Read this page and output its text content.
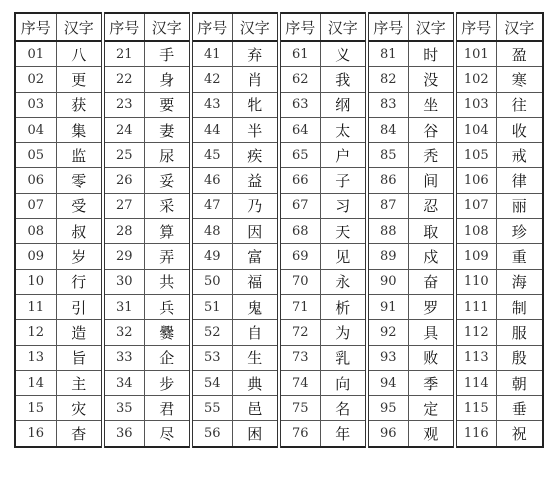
序号	汉字	序号	汉字	序号	汉字	序号	汉字	序号	汉字	序号	汉字
01	八	21	手	41	弃	61	义	81	时	101	盈
02	更	22	身	42	肖	62	我	82	没	102	寒
03	获	23	要	43	牝	63	纲	83	坐	103	往
04	集	24	妻	44	半	64	太	84	谷	104	收
05	监	25	尿	45	疾	65	户	85	秃	105	戒
06	零	26	妥	46	益	66	子	86	间	106	律
07	受	27	采	47	乃	67	习	87	忍	107	丽
08	叔	28	算	48	因	68	天	88	取	108	珍
09	岁	29	弄	49	富	69	见	89	戍	109	重
10	行	30	共	50	福	70	永	90	奋	110	海
11	引	31	兵	51	鬼	71	析	91	罗	111	制
12	造	32	爨	52	自	72	为	92	具	112	服
13	旨	33	企	53	生	73	乳	93	败	113	殷
14	主	34	步	54	典	74	向	94	季	114	朝
15	灾	35	君	55	邑	75	名	95	定	115	垂
16	杳	36	尽	56	困	76	年	96	观	116	祝
